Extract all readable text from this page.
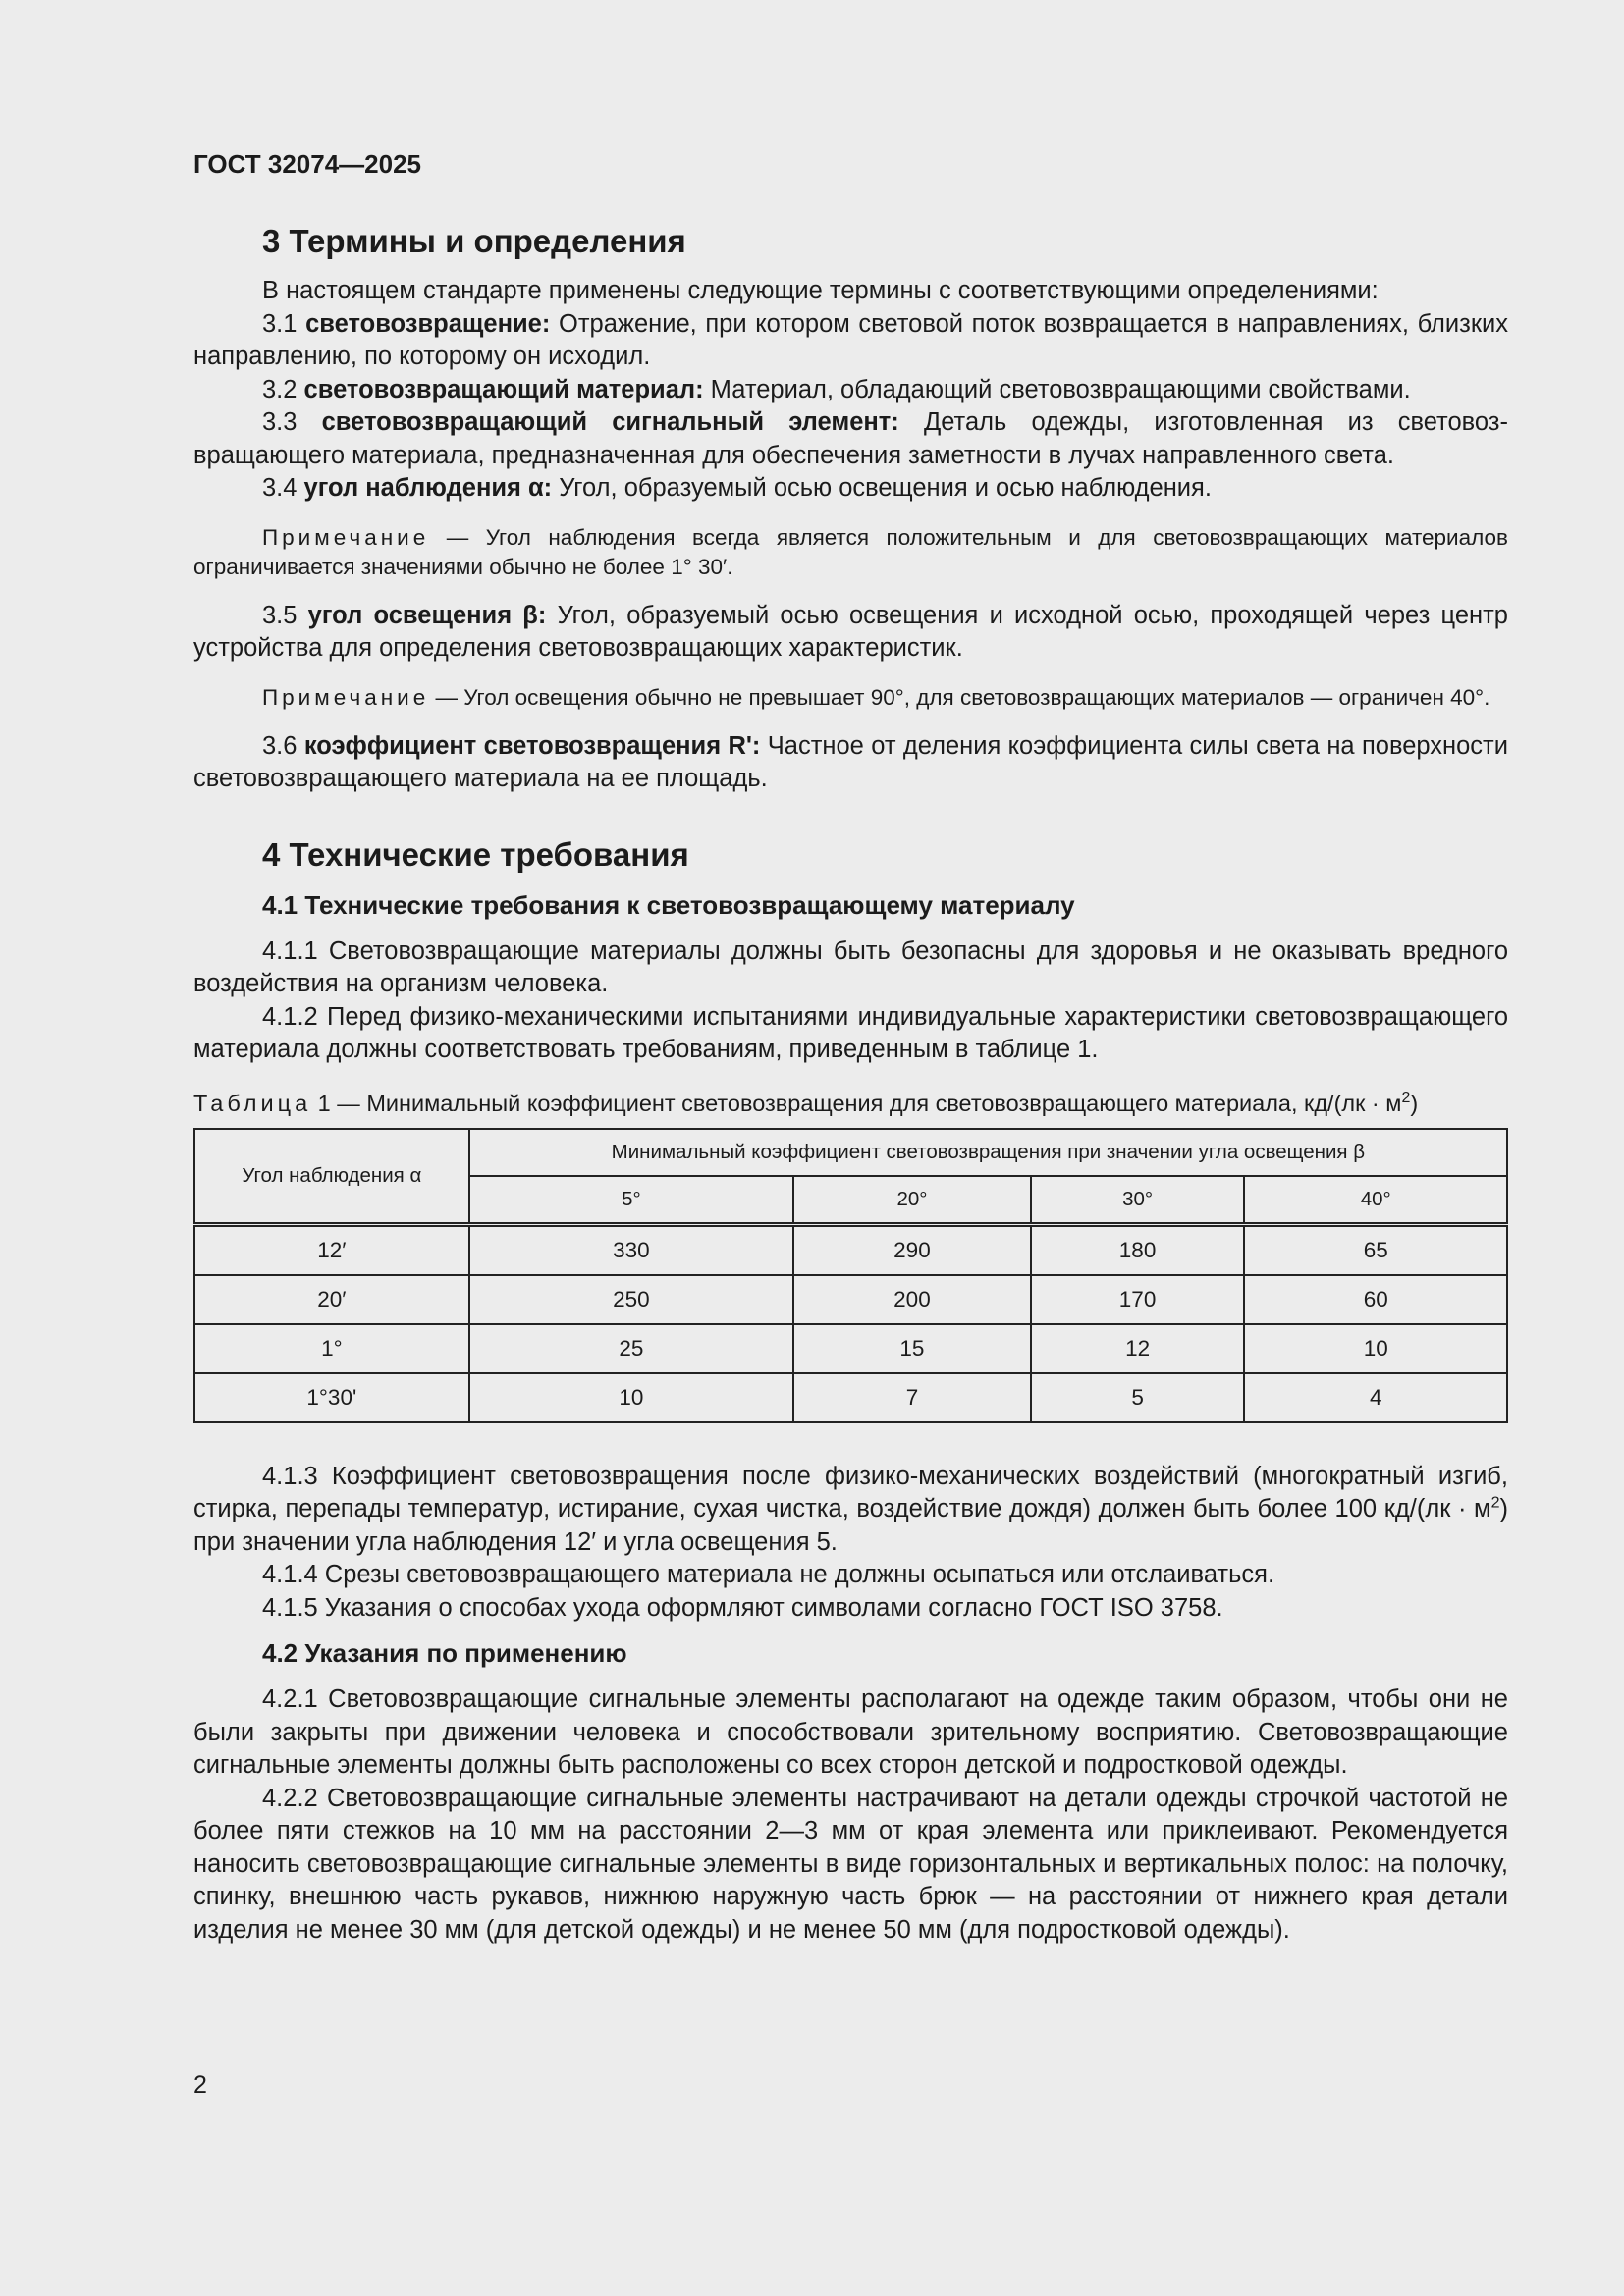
ГОСТ 32074—2025
3 Термины и определения

В настоящем стандарте применены следующие термины с соответствующими определениями:

3.1 световозвращение: Отражение, при котором световой поток возвращается в направлениях, близких направлению, по которому он исходил.

3.2 световозвращающий материал: Материал, обладающий световозвращающими свойствами.

3.3 световозвращающий сигнальный элемент: Деталь одежды, изготовленная из световозвращающего материала, предназначенная для обеспечения заметности в лучах направленного света.

3.4 угол наблюдения α: Угол, образуемый осью освещения и осью наблюдения.

Примечание — Угол наблюдения всегда является положительным и для световозвращающих материалов ограничивается значениями обычно не более 1° 30′.

3.5 угол освещения β: Угол, образуемый осью освещения и исходной осью, проходящей через центр устройства для определения световозвращающих характеристик.

Примечание — Угол освещения обычно не превышает 90°, для световозвращающих материалов — ограничен 40°.

3.6 коэффициент световозвращения R': Частное от деления коэффициента силы света на поверхности световозвращающего материала на ее площадь.

4 Технические требования
4.1 Технические требования к световозвращающему материалу

4.1.1 Световозвращающие материалы должны быть безопасны для здоровья и не оказывать вредного воздействия на организм человека.

4.1.2 Перед физико-механическими испытаниями индивидуальные характеристики световозвращающего материала должны соответствовать требованиям, приведенным в таблице 1.

Таблица 1 — Минимальный коэффициент световозвращения для световозвращающего материала, $кд/(лк \cdot м^2)$
Угол наблюдения α	Минимальный коэффициент световозвращения при значении угла освещения β			
	5°	20°	30°	40°
12′	330	290	180	65
20′	250	200	170	60
1°	25	15	12	10
1°30'	10	7	5	4

4.1.3 Коэффициент световозвращения после физико-механических воздействий (многократный изгиб, стирка, перепады температур, истирание, сухая чистка, воздействие дождя) должен быть более 100 $кд/(лк \cdot м^2)$ при значении угла наблюдения 12′ и угла освещения 5.

4.1.4 Срезы световозвращающего материала не должны осыпаться или отслаиваться.

4.1.5 Указания о способах ухода оформляют символами согласно ГОСТ ISO 3758.

4.2 Указания по применению

4.2.1 Световозвращающие сигнальные элементы располагают на одежде таким образом, чтобы они не были закрыты при движении человека и способствовали зрительному восприятию. Световозвращающие сигнальные элементы должны быть расположены со всех сторон детской и подростковой одежды.

4.2.2 Световозвращающие сигнальные элементы настрачивают на детали одежды строчкой частотой не более пяти стежков на 10 мм на расстоянии 2—3 мм от края элемента или приклеивают. Рекомендуется наносить световозвращающие сигнальные элементы в виде горизонтальных и вертикальных полос: на полочку, спинку, внешнюю часть рукавов, нижнюю наружную часть брюк — на расстоянии от нижнего края детали изделия не менее 30 мм (для детской одежды) и не менее 50 мм (для подростковой одежды).

2
